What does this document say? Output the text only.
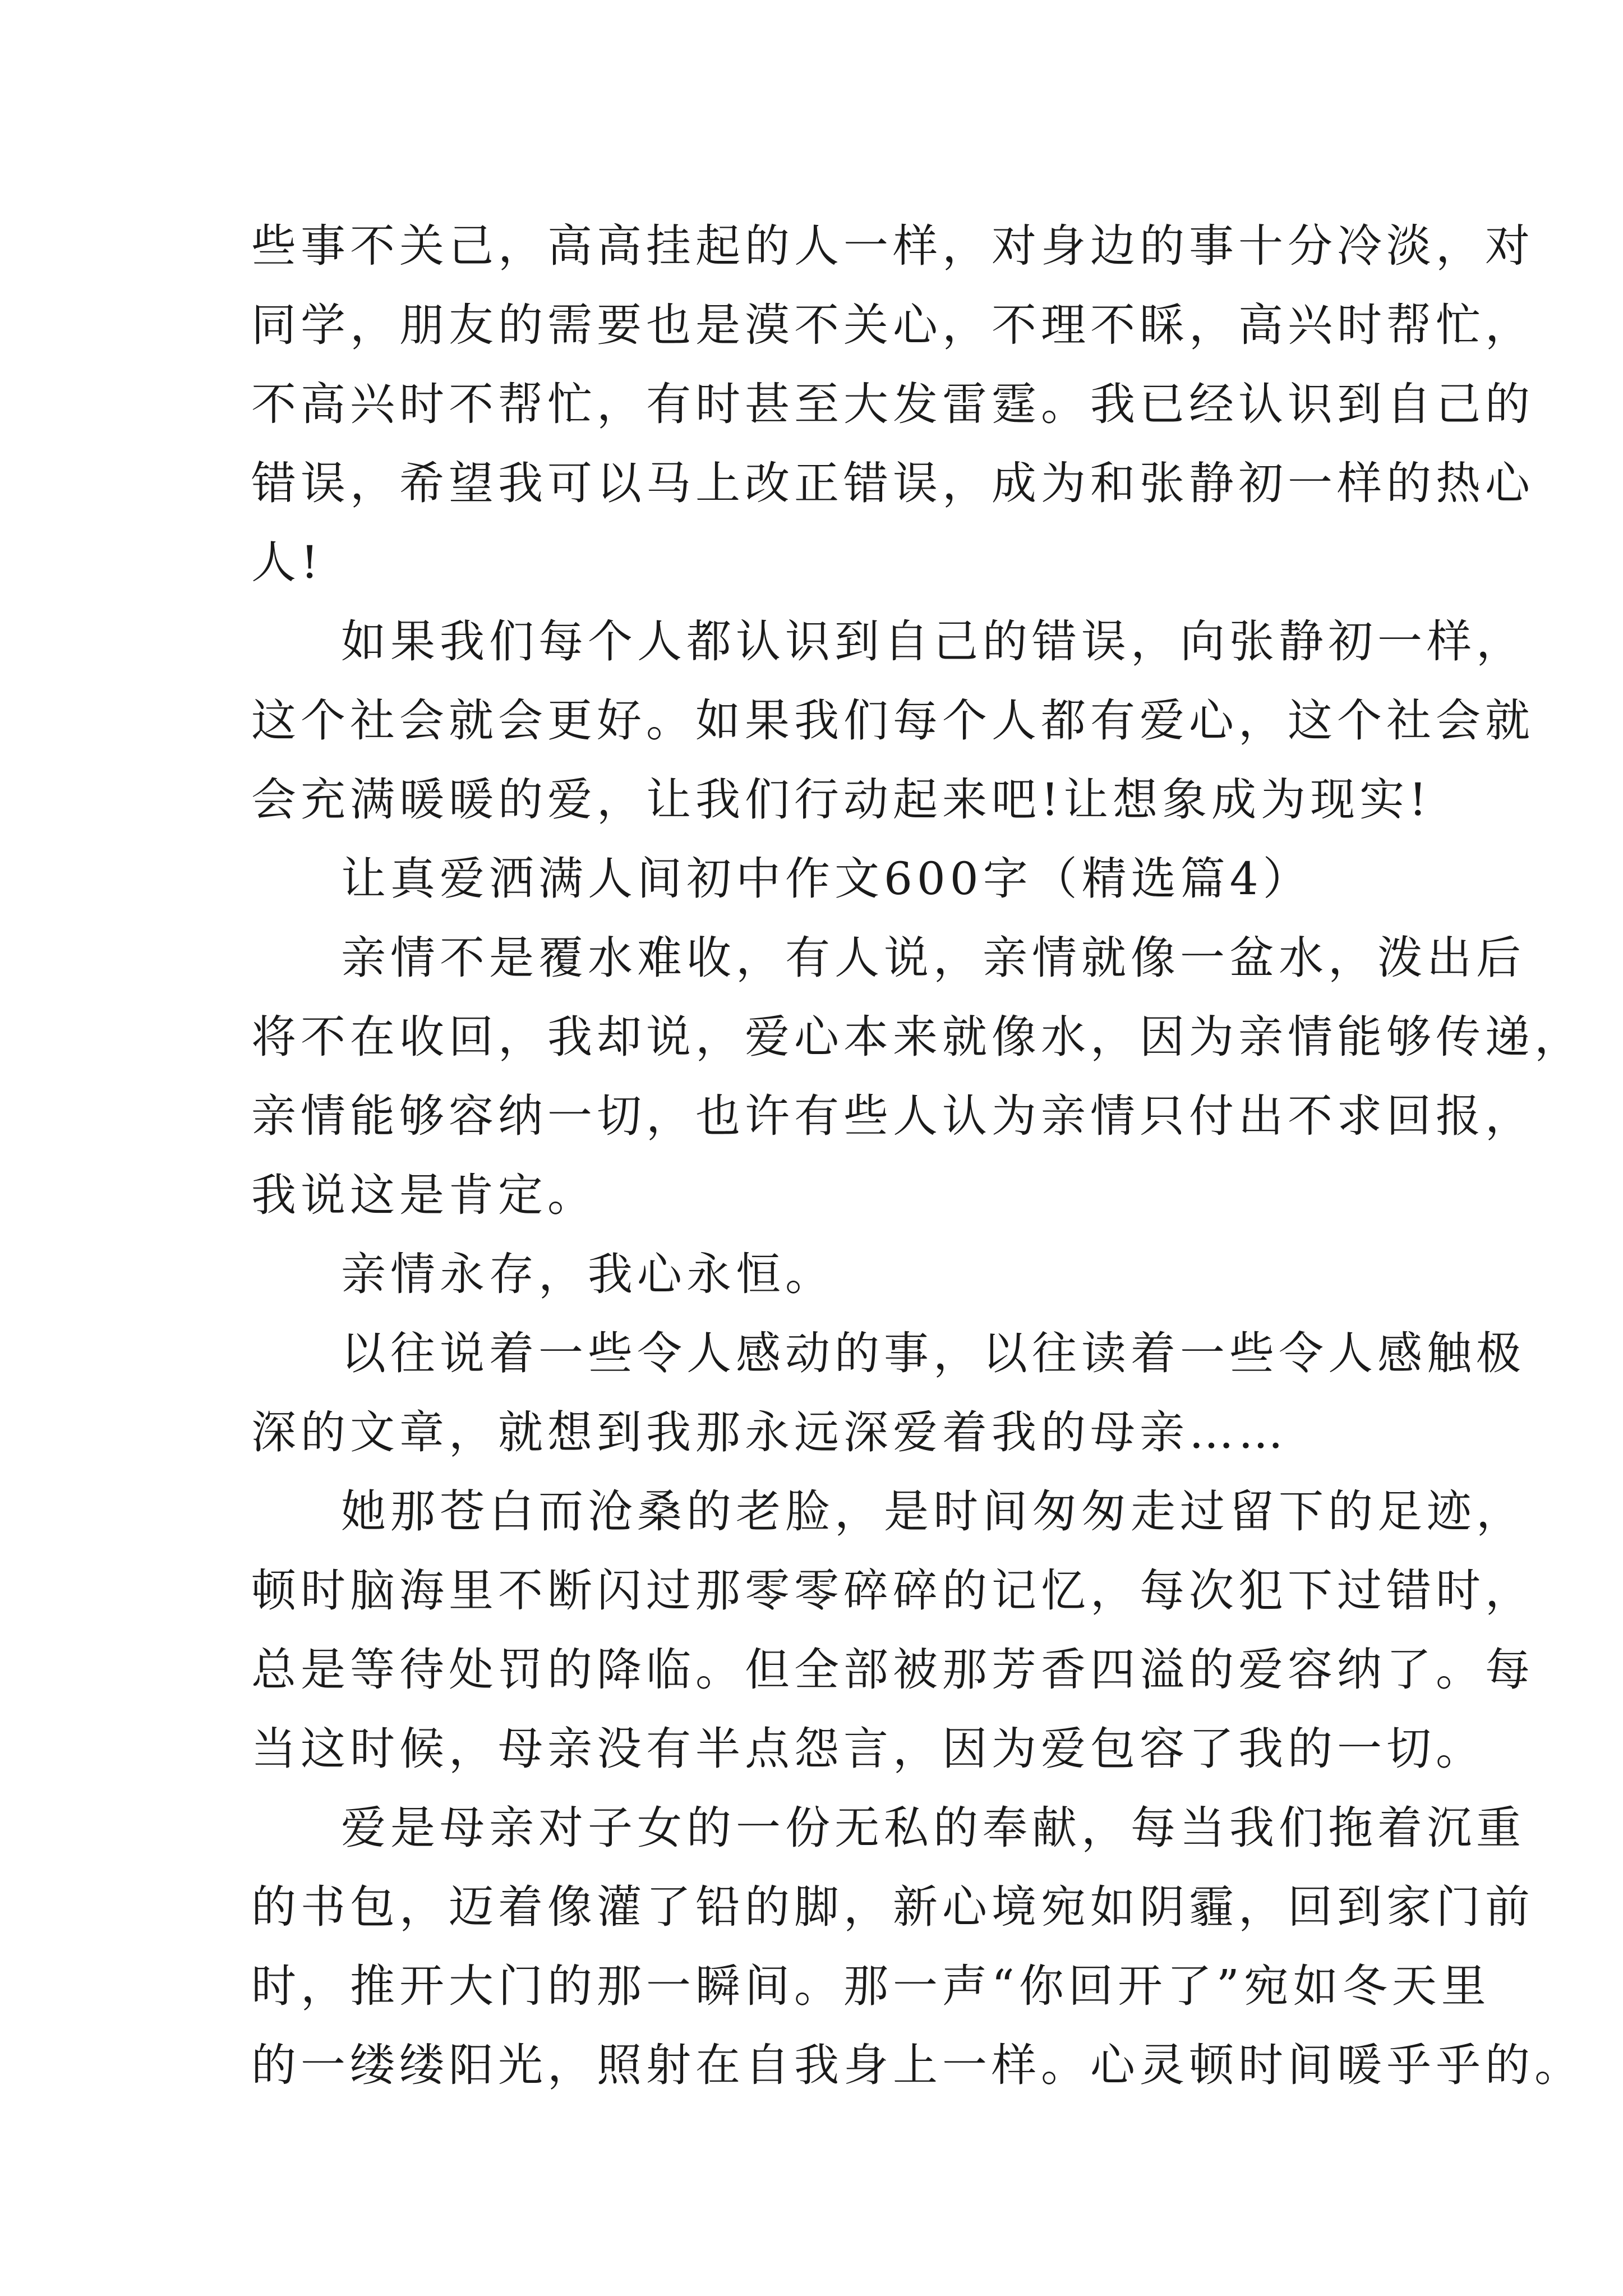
些事不关己，高高挂起的人一样，对身边的事十分冷淡，对
同学，朋友的需要也是漠不关心，不理不睬，高兴时帮忙，
不高兴时不帮忙，有时甚至大发雷霆。我已经认识到自己的
错误，希望我可以马上改正错误，成为和张静初一样的热心
人!
如果我们每个人都认识到自己的错误，向张静初一样，
这个社会就会更好。如果我们每个人都有爱心，这个社会就
会充满暖暖的爱，让我们行动起来吧!让想象成为现实!
让真爱洒满人间初中作文600字（精选篇4）
亲情不是覆水难收，有人说，亲情就像一盆水，泼出后
将不在收回，我却说，爱心本来就像水，因为亲情能够传递，
亲情能够容纳一切，也许有些人认为亲情只付出不求回报，
我说这是肯定。
亲情永存，我心永恒。
以往说着一些令人感动的事，以往读着一些令人感触极
深的文章，就想到我那永远深爱着我的母亲……
她那苍白而沧桑的老脸，是时间匆匆走过留下的足迹，
顿时脑海里不断闪过那零零碎碎的记忆，每次犯下过错时，
总是等待处罚的降临。但全部被那芳香四溢的爱容纳了。每
当这时候，母亲没有半点怨言，因为爱包容了我的一切。
爱是母亲对子女的一份无私的奉献，每当我们拖着沉重
的书包，迈着像灌了铅的脚，新心境宛如阴霾，回到家门前
时，推开大门的那一瞬间。那一声“你回开了”宛如冬天里
的一缕缕阳光，照射在自我身上一样。心灵顿时间暖乎乎的。
